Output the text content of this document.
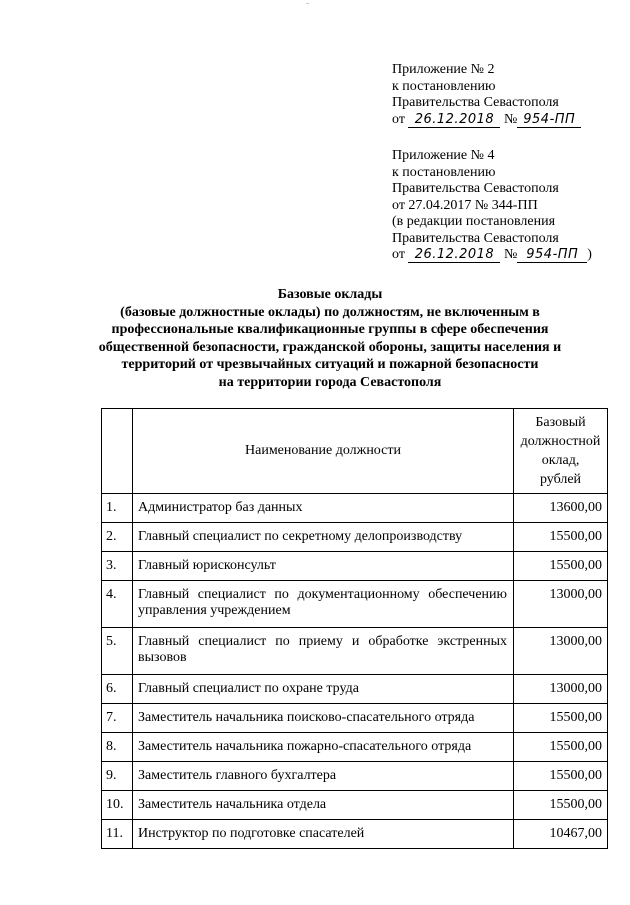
Приложение № 2
к постановлению
Правительства Севастополя
от 26.12.2018 № 954-ПП
Приложение № 4
к постановлению
Правительства Севастополя
от 27.04.2017 № 344-ПП
(в редакции постановления
Правительства Севастополя
от 26.12.2018 № 954-ПП )
Базовые оклады
(базовые должностные оклады) по должностям, не включенным в
профессиональные квалификационные группы в сфере обеспечения
общественной безопасности, гражданской обороны, защиты населения и
территорий от чрезвычайных ситуаций и пожарной безопасности
на территории города Севастополя
	Наименование должности	Базовый
должностной
оклад,
рублей

1.	Администратор баз данных	13600,00
2.	Главный специалист по секретному делопроизводству	15500,00
3.	Главный юрисконсульт	15500,00
4.	Главный специалист по документационному обеспечению управления учреждением	13000,00
5.	Главный специалист по приему и обработке экстренных вызовов	13000,00
6.	Главный специалист по охране труда	13000,00
7.	Заместитель начальника поисково-спасательного отряда	15500,00
8.	Заместитель начальника пожарно-спасательного отряда	15500,00
9.	Заместитель главного бухгалтера	15500,00
10.	Заместитель начальника отдела	15500,00
11.	Инструктор по подготовке спасателей	10467,00
